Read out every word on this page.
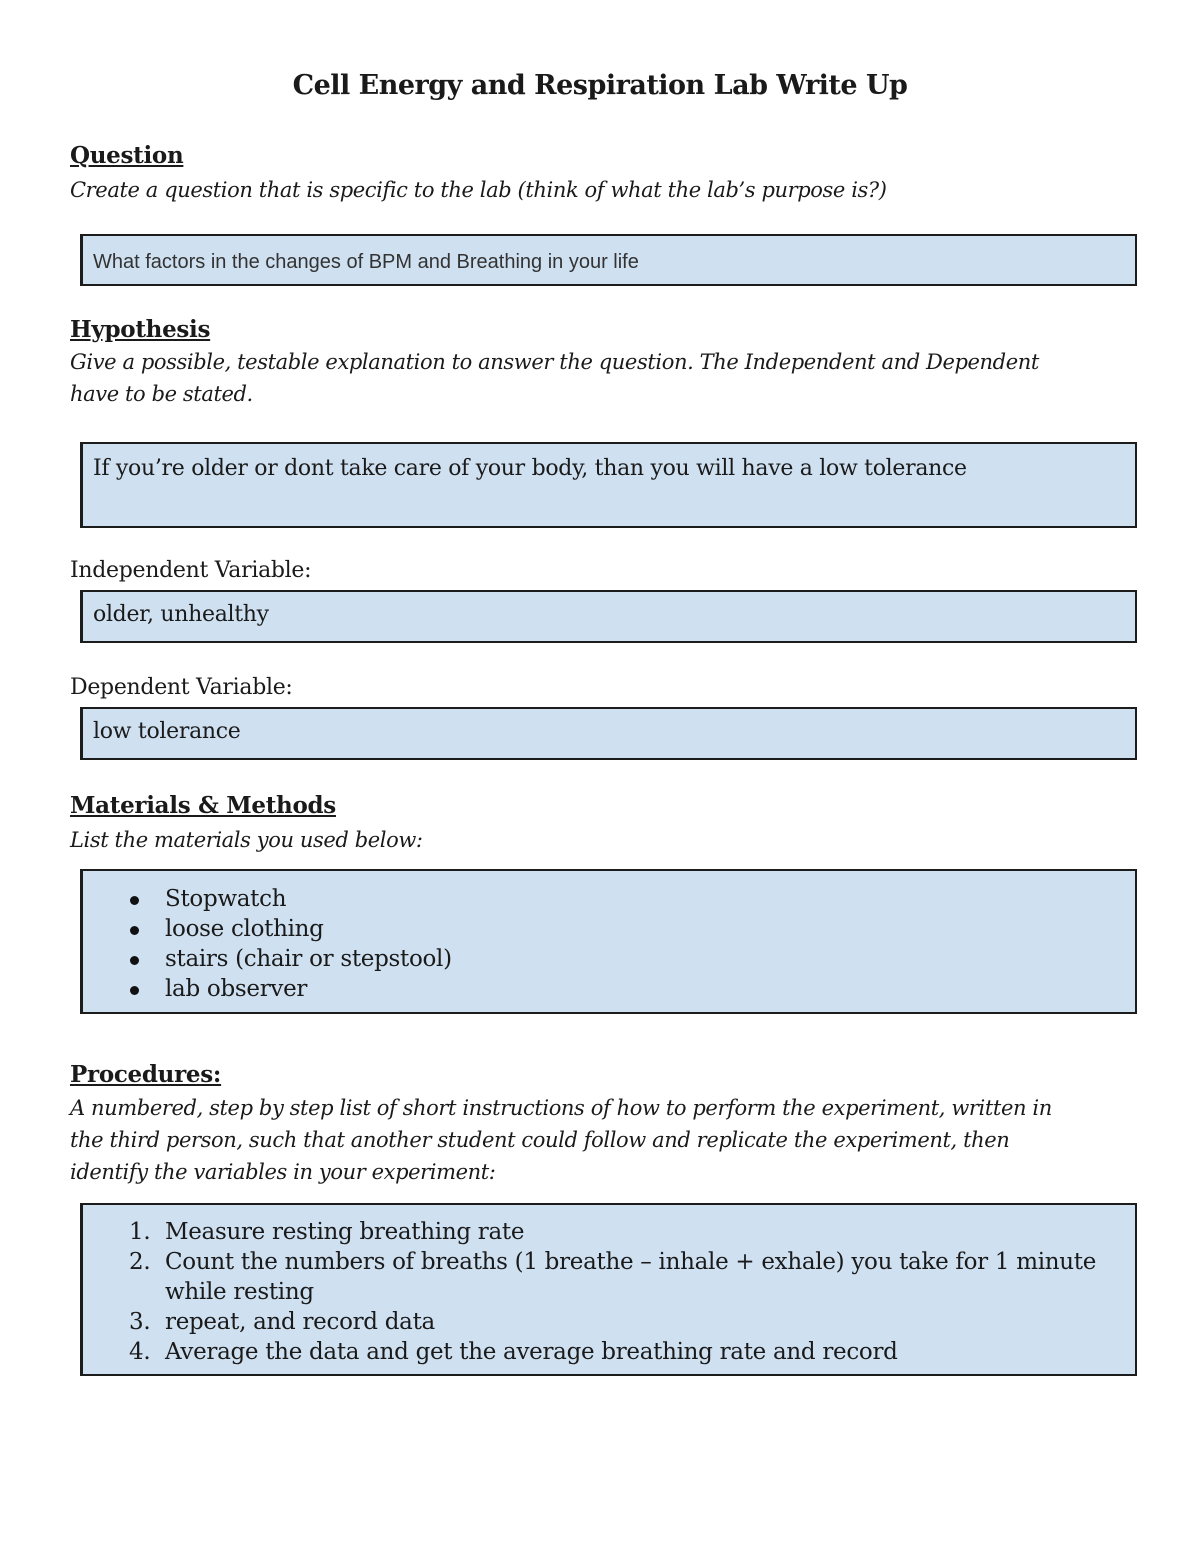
Cell Energy and Respiration Lab Write Up
Question
Create a question that is specific to the lab (think of what the lab’s purpose is?)
What factors in the changes of BPM and Breathing in your life
Hypothesis
Give a possible, testable explanation to answer the question. The Independent and Dependent
have to be stated.
If you’re older or dont take care of your body, than you will have a low tolerance
Independent Variable:
older, unhealthy
Dependent Variable:
low tolerance
Materials & Methods
List the materials you used below:
Stopwatch
loose clothing
stairs (chair or stepstool)
lab observer
Procedures:
A numbered, step by step list of short instructions of how to perform the experiment, written in
the third person, such that another student could follow and replicate the experiment, then
identify the variables in your experiment:
1. Measure resting breathing rate
2. Count the numbers of breaths (1 breathe – inhale + exhale) you take for 1 minute
while resting
3. repeat, and record data
4. Average the data and get the average breathing rate and record
